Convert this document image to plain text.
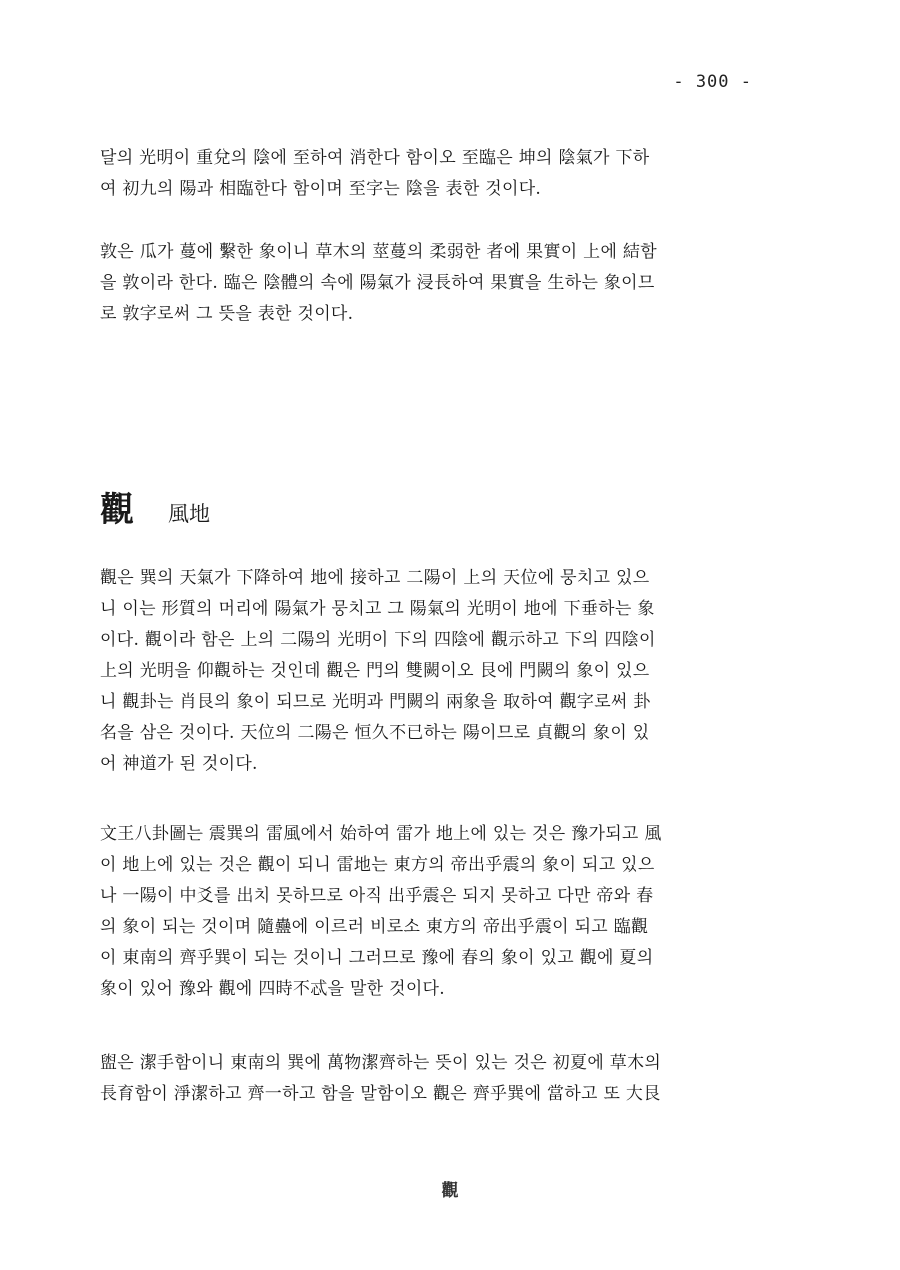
- 300 -

달의 光明이 重兌의 陰에 至하여 消한다 함이오 至臨은 坤의 陰氣가 下하
여 初九의 陽과 相臨한다 함이며 至字는 陰을 表한 것이다.

敦은 瓜가 蔓에 繫한 象이니 草木의 莖蔓의 柔弱한 者에 果實이 上에 結함
을 敦이라 한다. 臨은 陰體의 속에 陽氣가 浸長하여 果實을 生하는 象이므
로 敦字로써 그 뜻을 表한 것이다.

觀 風地

觀은 巽의 天氣가 下降하여 地에 接하고 二陽이 上의 天位에 뭉치고 있으
니 이는 形質의 머리에 陽氣가 뭉치고 그 陽氣의 光明이 地에 下垂하는 象
이다. 觀이라 함은 上의 二陽의 光明이 下의 四陰에 觀示하고 下의 四陰이
上의 光明을 仰觀하는 것인데 觀은 門의 雙闕이오 艮에 門闕의 象이 있으
니 觀卦는 肖艮의 象이 되므로 光明과 門闕의 兩象을 取하여 觀字로써 卦
名을 삼은 것이다. 天位의 二陽은 恒久不已하는 陽이므로 貞觀의 象이 있
어 神道가 된 것이다.

文王八卦圖는 震巽의 雷風에서 始하여 雷가 地上에 있는 것은 豫가되고 風
이 地上에 있는 것은 觀이 되니 雷地는 東方의 帝出乎震의 象이 되고 있으
나 一陽이 中爻를 出치 못하므로 아직 出乎震은 되지 못하고 다만 帝와 春
의 象이 되는 것이며 隨蠱에 이르러 비로소 東方의 帝出乎震이 되고 臨觀
이 東南의 齊乎巽이 되는 것이니 그러므로 豫에 春의 象이 있고 觀에 夏의
象이 있어 豫와 觀에 四時不忒을 말한 것이다.

盥은 潔手함이니 東南의 巽에 萬物潔齊하는 뜻이 있는 것은 初夏에 草木의
長育함이 淨潔하고 齊一하고 함을 말함이오 觀은 齊乎巽에 當하고 또 大艮

觀
